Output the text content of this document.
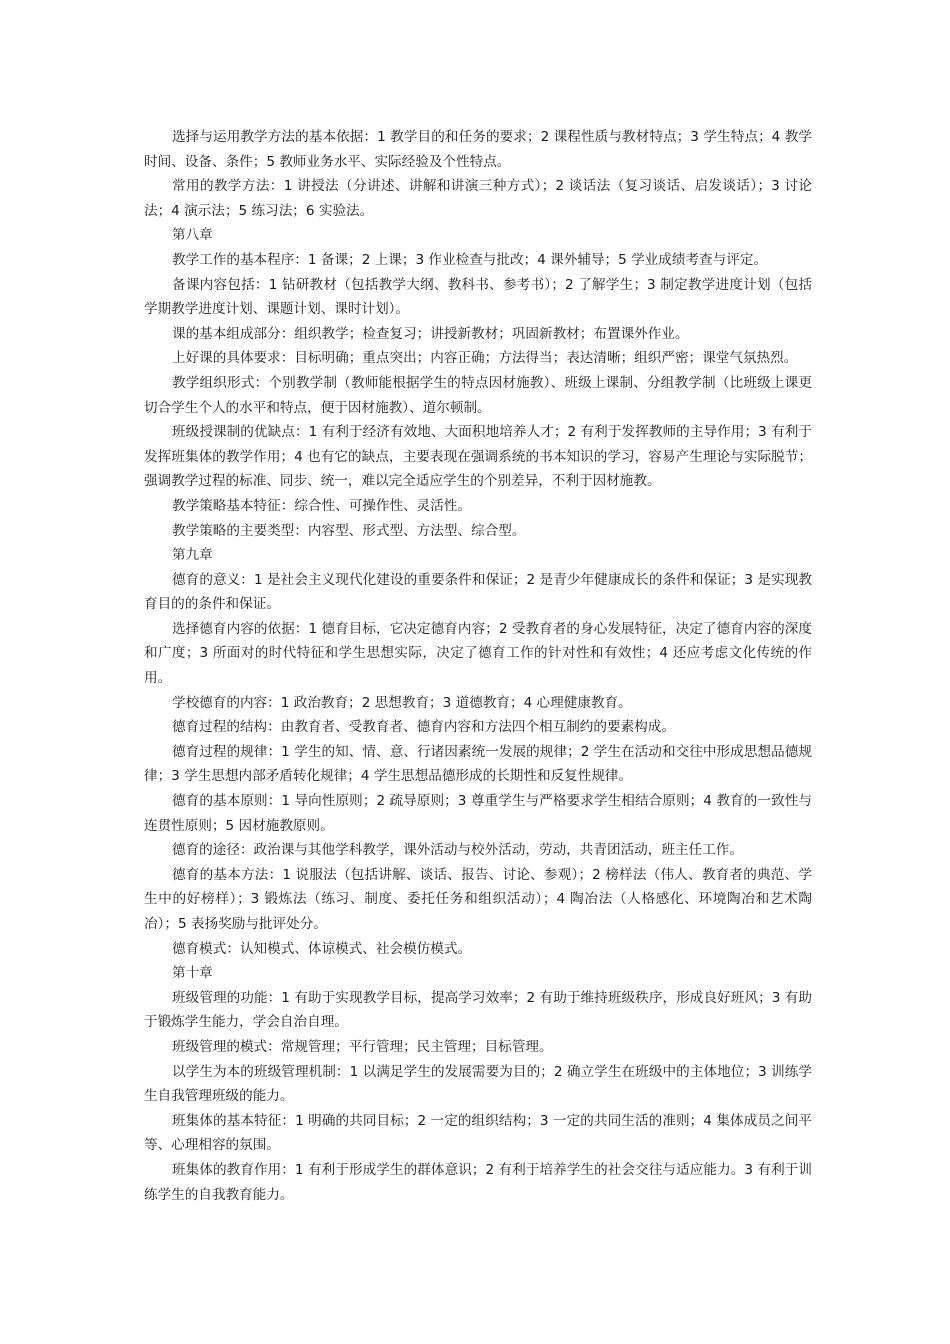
选择与运用教学方法的基本依据：1 教学目的和任务的要求；2 课程性质与教材特点；3 学生特点；4 教学时间、设备、条件；5 教师业务水平、实际经验及个性特点。

常用的教学方法：1 讲授法（分讲述、讲解和讲演三种方式）；2 谈话法（复习谈话、启发谈话）；3 讨论法；4 演示法；5 练习法；6 实验法。

第八章

教学工作的基本程序：1 备课；2 上课；3 作业检查与批改；4 课外辅导；5 学业成绩考查与评定。

备课内容包括：1 钻研教材（包括教学大纲、教科书、参考书）；2 了解学生；3 制定教学进度计划（包括学期教学进度计划、课题计划、课时计划）。

课的基本组成部分：组织教学；检查复习；讲授新教材；巩固新教材；布置课外作业。

上好课的具体要求：目标明确；重点突出；内容正确；方法得当；表达清晰；组织严密；课堂气氛热烈。

教学组织形式：个别教学制（教师能根据学生的特点因材施教）、班级上课制、分组教学制（比班级上课更切合学生个人的水平和特点，便于因材施教）、道尔顿制。

班级授课制的优缺点：1 有利于经济有效地、大面积地培养人才；2 有利于发挥教师的主导作用；3 有利于发挥班集体的教学作用；4 也有它的缺点，主要表现在强调系统的书本知识的学习，容易产生理论与实际脱节；强调教学过程的标准、同步、统一，难以完全适应学生的个别差异，不利于因材施教。

教学策略基本特征：综合性、可操作性、灵活性。

教学策略的主要类型：内容型、形式型、方法型、综合型。

第九章

德育的意义：1 是社会主义现代化建设的重要条件和保证；2 是青少年健康成长的条件和保证；3 是实现教育目的的条件和保证。

选择德育内容的依据：1 德育目标，它决定德育内容；2 受教育者的身心发展特征，决定了德育内容的深度和广度；3 所面对的时代特征和学生思想实际，决定了德育工作的针对性和有效性；4 还应考虑文化传统的作用。

学校德育的内容：1 政治教育；2 思想教育；3 道德教育；4 心理健康教育。

德育过程的结构：由教育者、受教育者、德育内容和方法四个相互制约的要素构成。

德育过程的规律：1 学生的知、情、意、行诸因素统一发展的规律；2 学生在活动和交往中形成思想品德规律；3 学生思想内部矛盾转化规律；4 学生思想品德形成的长期性和反复性规律。

德育的基本原则：1 导向性原则；2 疏导原则；3 尊重学生与严格要求学生相结合原则；4 教育的一致性与连贯性原则；5 因材施教原则。

德育的途径：政治课与其他学科教学，课外活动与校外活动，劳动，共青团活动，班主任工作。

德育的基本方法：1 说服法（包括讲解、谈话、报告、讨论、参观）；2 榜样法（伟人、教育者的典范、学生中的好榜样）；3 锻炼法（练习、制度、委托任务和组织活动）；4 陶冶法（人格感化、环境陶冶和艺术陶冶）；5 表扬奖励与批评处分。

德育模式：认知模式、体谅模式、社会模仿模式。

第十章

班级管理的功能：1 有助于实现教学目标，提高学习效率；2 有助于维持班级秩序，形成良好班风；3 有助于锻炼学生能力，学会自治自理。

班级管理的模式：常规管理；平行管理；民主管理；目标管理。

以学生为本的班级管理机制：1 以满足学生的发展需要为目的；2 确立学生在班级中的主体地位；3 训练学生自我管理班级的能力。

班集体的基本特征：1 明确的共同目标；2 一定的组织结构；3 一定的共同生活的准则；4 集体成员之间平等、心理相容的氛围。

班集体的教育作用：1 有利于形成学生的群体意识；2 有利于培养学生的社会交往与适应能力。3 有利于训练学生的自我教育能力。
